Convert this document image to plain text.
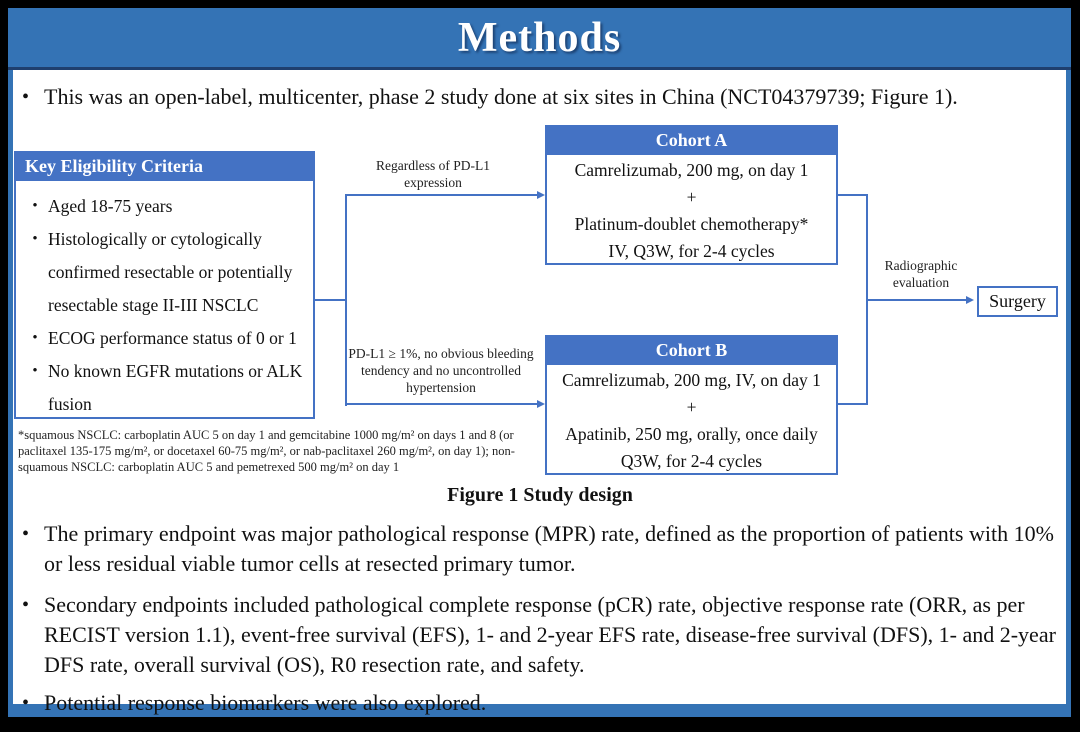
Methods
• This was an open-label, multicenter, phase 2 study done at six sites in China (NCT04379739; Figure 1).
Key Eligibility Criteria
• Aged 18-75 years
• Histologically or cytologically confirmed resectable or potentially resectable stage II-III NSCLC
• ECOG performance status of 0 or 1
• No known EGFR mutations or ALK fusion
Regardless of PD-L1 expression
PD-L1 ≥ 1%, no obvious bleeding tendency and no uncontrolled hypertension
Radiographic evaluation
Cohort A
Camrelizumab, 200 mg, on day 1
+
Platinum-doublet chemotherapy*
IV, Q3W, for 2-4 cycles
Cohort B
Camrelizumab, 200 mg, IV, on day 1
+
Apatinib, 250 mg, orally, once daily
Q3W, for 2-4 cycles
Surgery
*squamous NSCLC: carboplatin AUC 5 on day 1 and gemcitabine 1000 mg/m² on days 1 and 8 (or paclitaxel 135-175 mg/m², or docetaxel 60-75 mg/m², or nab-paclitaxel 260 mg/m², on day 1); non-squamous NSCLC: carboplatin AUC 5 and pemetrexed 500 mg/m² on day 1
Figure 1 Study design
• The primary endpoint was major pathological response (MPR) rate, defined as the proportion of patients with 10% or less residual viable tumor cells at resected primary tumor.
• Secondary endpoints included pathological complete response (pCR) rate, objective response rate (ORR, as per RECIST version 1.1), event-free survival (EFS), 1- and 2-year EFS rate, disease-free survival (DFS), 1- and 2-year DFS rate, overall survival (OS), R0 resection rate, and safety.
• Potential response biomarkers were also explored.
